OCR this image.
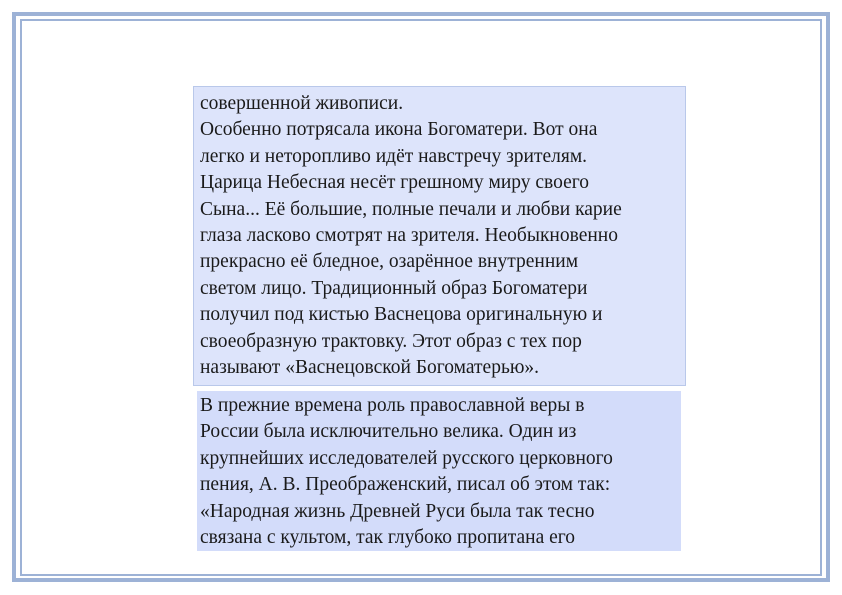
совершенной живописи.
Особенно потрясала икона Богоматери. Вот она
легко и неторопливо идёт навстречу зрителям.
Царица Небесная несёт грешному миру своего
Сына... Её большие, полные печали и любви карие
глаза ласково смотрят на зрителя. Необыкновенно
прекрасно её бледное, озарённое внутренним
светом лицо. Традиционный образ Богоматери
получил под кистью Васнецова оригинальную и
своеобразную трактовку. Этот образ с тех пор
называют «Васнецовской Богоматерью».
В прежние времена роль православной веры в
России была исключительно велика. Один из
крупнейших исследователей русского церковного
пения, А. В. Преображенский, писал об этом так:
«Народная жизнь Древней Руси была так тесно
связана с культом, так глубоко пропитана его
